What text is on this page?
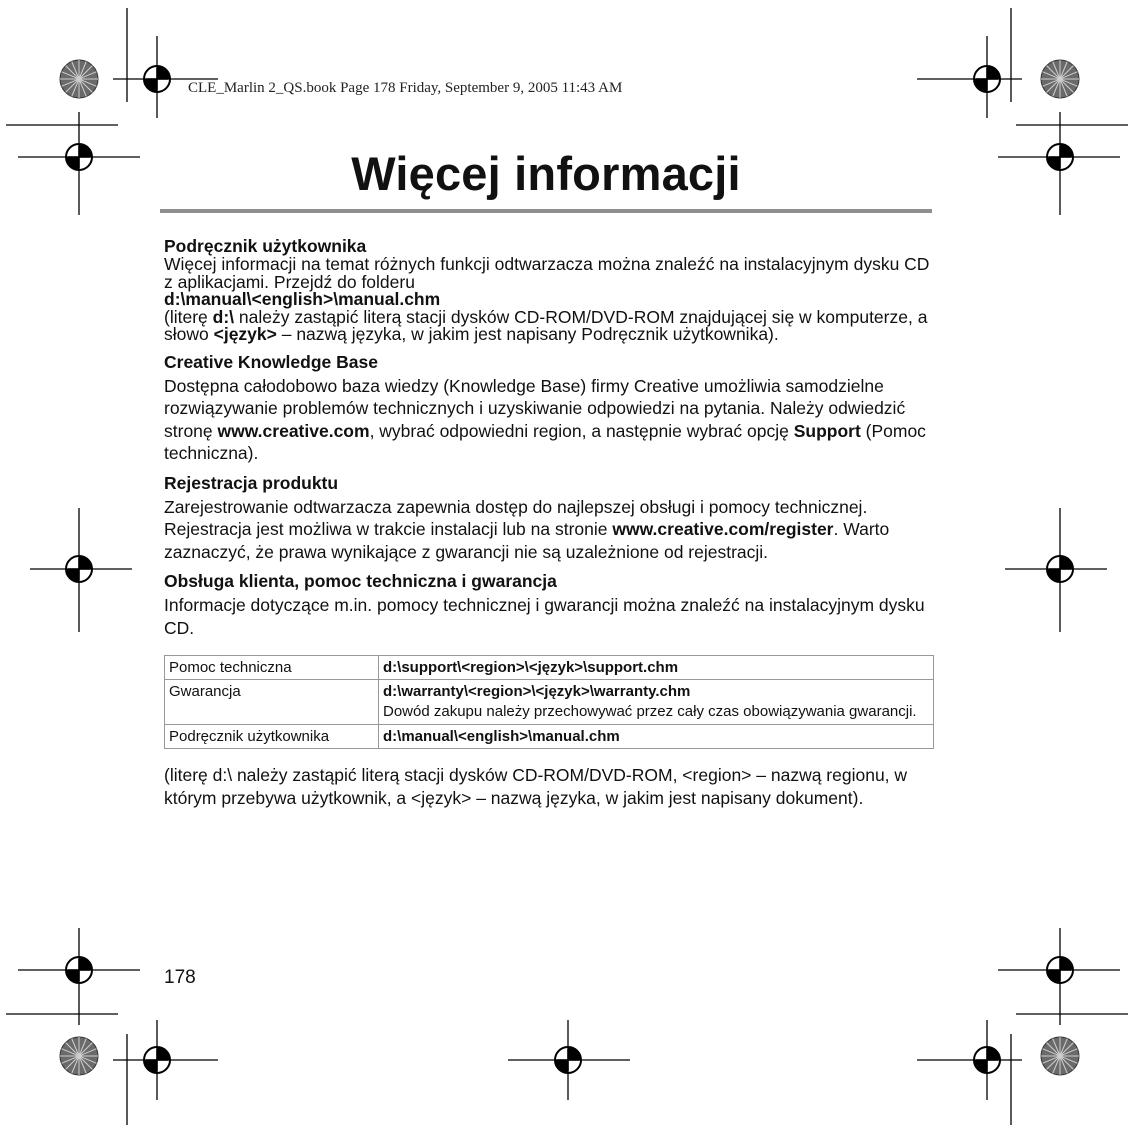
CLE_Marlin 2_QS.book Page 178 Friday, September 9, 2005 11:43 AM
Więcej informacji
Podręcznik użytkownika

Więcej informacji na temat różnych funkcji odtwarzacza można znaleźć na instalacyjnym dysku CD z aplikacjami. Przejdź do folderu
d:\manual\<english>\manual.chm
(literę d:\ należy zastąpić literą stacji dysków CD-ROM/DVD-ROM znajdującej się w komputerze, a słowo <język> – nazwą języka, w jakim jest napisany Podręcznik użytkownika).

Creative Knowledge Base

Dostępna całodobowo baza wiedzy (Knowledge Base) firmy Creative umożliwia samodzielne rozwiązywanie problemów technicznych i uzyskiwanie odpowiedzi na pytania. Należy odwiedzić stronę www.creative.com, wybrać odpowiedni region, a następnie wybrać opcję Support (Pomoc techniczna).

Rejestracja produktu

Zarejestrowanie odtwarzacza zapewnia dostęp do najlepszej obsługi i pomocy technicznej. Rejestracja jest możliwa w trakcie instalacji lub na stronie www.creative.com/register. Warto zaznaczyć, że prawa wynikające z gwarancji nie są uzależnione od rejestracji.

Obsługa klienta, pomoc techniczna i gwarancja

Informacje dotyczące m.in. pomocy technicznej i gwarancji można znaleźć na instalacyjnym dysku CD.

Pomoc techniczna	d:\support\<region>\<język>\support.chm
Gwarancja	d:\warranty\<region>\<język>\warranty.chm
Dowód zakupu należy przechowywać przez cały czas obowiązywania gwarancji.

Podręcznik użytkownika	d:\manual\<english>\manual.chm

(literę d:\ należy zastąpić literą stacji dysków CD-ROM/DVD-ROM, <region> – nazwą regionu, w którym przebywa użytkownik, a <język> – nazwą języka, w jakim jest napisany dokument).

178
